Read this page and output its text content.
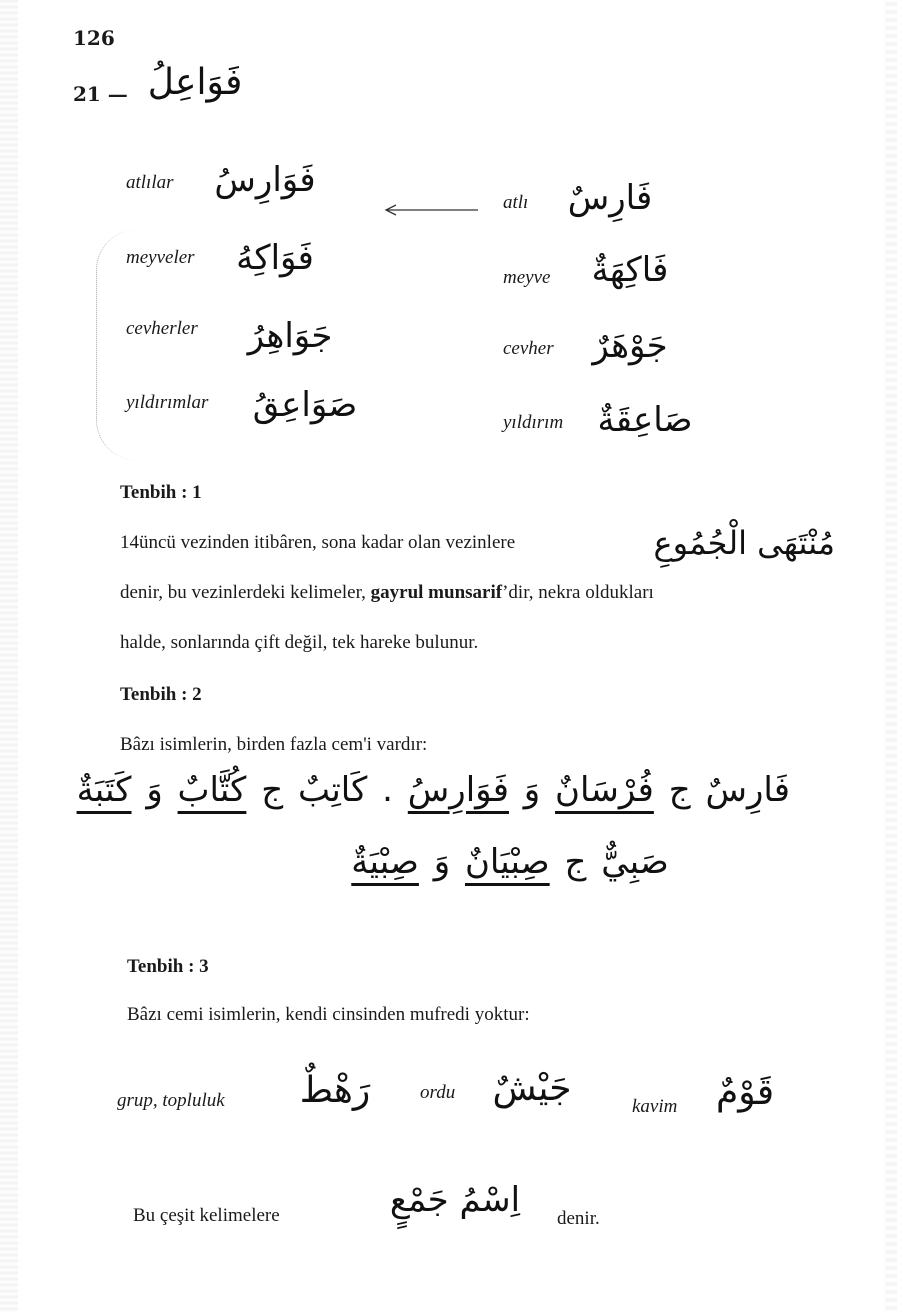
126
21 — فَوَاعِلُ
atlılar فَوَارِسُ
meyveler	فَوَاكِهُ
cevherler	جَوَاهِرُ
yıldırımlar صَوَاعِقُ
atlı	فَارِسٌ
meyve	فَاكِهَةٌ
cevher	جَوْهَرٌ
yıldırım	صَاعِقَةٌ
Tenbih : 1
14üncü vezinden itibâren, sona kadar olan vezinlere	مُنْتَهَى الْجُمُوعِ
denir, bu vezinlerdeki kelimeler, gayrul munsarif’dir, nekra oldukları
halde, sonlarında çift değil, tek hareke bulunur.
Tenbih : 2
Bâzı isimlerin, birden fazla cem'i vardır:
فَارِسٌ ج فُرْسَانٌ وَ فَوَارِسُ . كَاتِبٌ ج كُتَّابٌ وَ كَتَبَةٌ
صَبِيٌّ ج صِبْيَانٌ وَ صِبْيَةٌ
Tenbih : 3
Bâzı cemi isimlerin, kendi cinsinden mufredi yoktur:
grup, topluluk	رَهْطٌ	ordu جَيْشٌ	kavim	قَوْمٌ
Bu çeşit kelimelere	اِسْمُ جَمْعٍ	denir.
